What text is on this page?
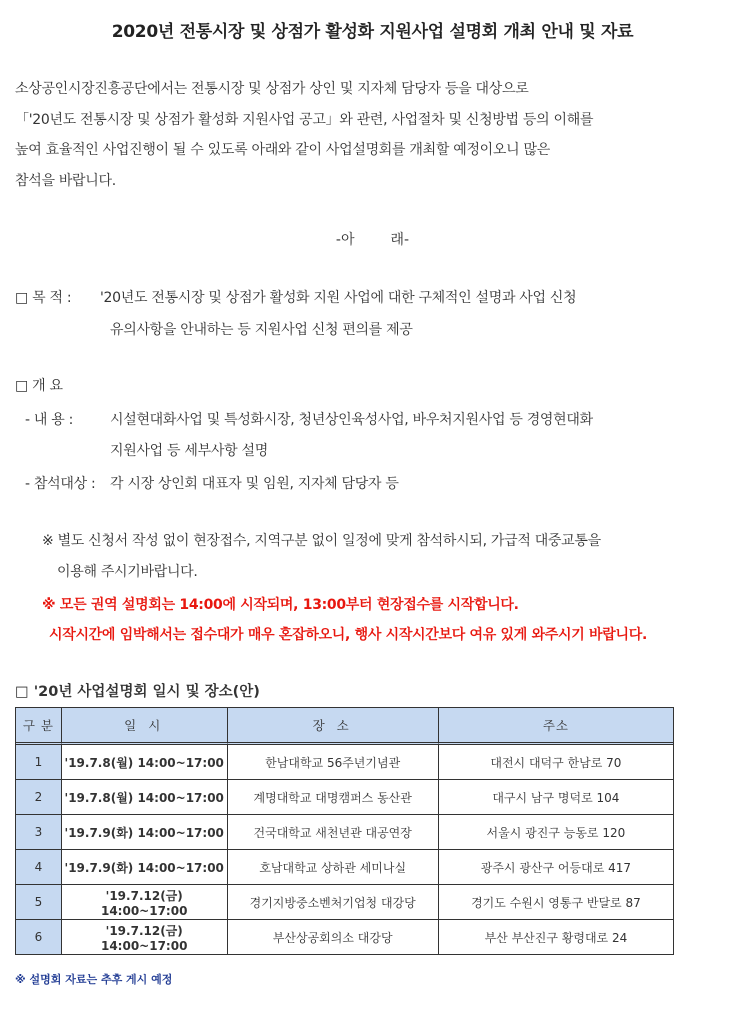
2020년 전통시장 및 상점가 활성화 지원사업 설명회 개최 안내 및 자료
소상공인시장진흥공단에서는 전통시장 및 상점가 상인 및 지자체 담당자 등을 대상으로
「'20년도 전통시장 및 상점가 활성화 지원사업 공고」와 관련, 사업절차 및 신청방법 등의 이해를
높여 효율적인 사업진행이 될 수 있도록 아래와 같이 사업설명회를 개최할 예정이오니 많은
참석을 바랍니다.
-아	래-
□ 목 적 : '20년도 전통시장 및 상점가 활성화 지원 사업에 대한 구체적인 설명과 사업 신청
유의사항을 안내하는 등 지원사업 신청 편의를 제공
□ 개 요
- 내 용 :	시설현대화사업 및 특성화시장, 청년상인육성사업, 바우처지원사업 등 경영현대화
지원사업 등 세부사항 설명
- 참석대상 : 각 시장 상인회 대표자 및 임원, 지자체 담당자 등
※ 별도 신청서 작성 없이 현장접수, 지역구분 없이 일정에 맞게 참석하시되, 가급적 대중교통을
이용해 주시기바랍니다.
※ 모든 권역 설명회는 14:00에 시작되며, 13:00부터 현장접수를 시작합니다.
시작시간에 임박해서는 접수대가 매우 혼잡하오니, 행사 시작시간보다 여유 있게 와주시기 바랍니다.
□ '20년 사업설명회 일시 및 장소(안)
구 분	일 시	장 소	주소
1	'19.7.8(월) 14:00~17:00	한남대학교 56주년기념관	대전시 대덕구 한남로 70
2	'19.7.8(월) 14:00~17:00	계명대학교 대명캠퍼스 동산관	대구시 남구 명덕로 104
3	'19.7.9(화) 14:00~17:00	건국대학교 새천년관 대공연장	서울시 광진구 능동로 120
4	'19.7.9(화) 14:00~17:00	호남대학교 상하관 세미나실	광주시 광산구 어등대로 417
5	'19.7.12(금) 14:00~17:00	경기지방중소벤처기업청 대강당	경기도 수원시 영통구 반달로 87
6	'19.7.12(금) 14:00~17:00	부산상공회의소 대강당	부산 부산진구 황령대로 24
※ 설명회 자료는 추후 게시 예정
